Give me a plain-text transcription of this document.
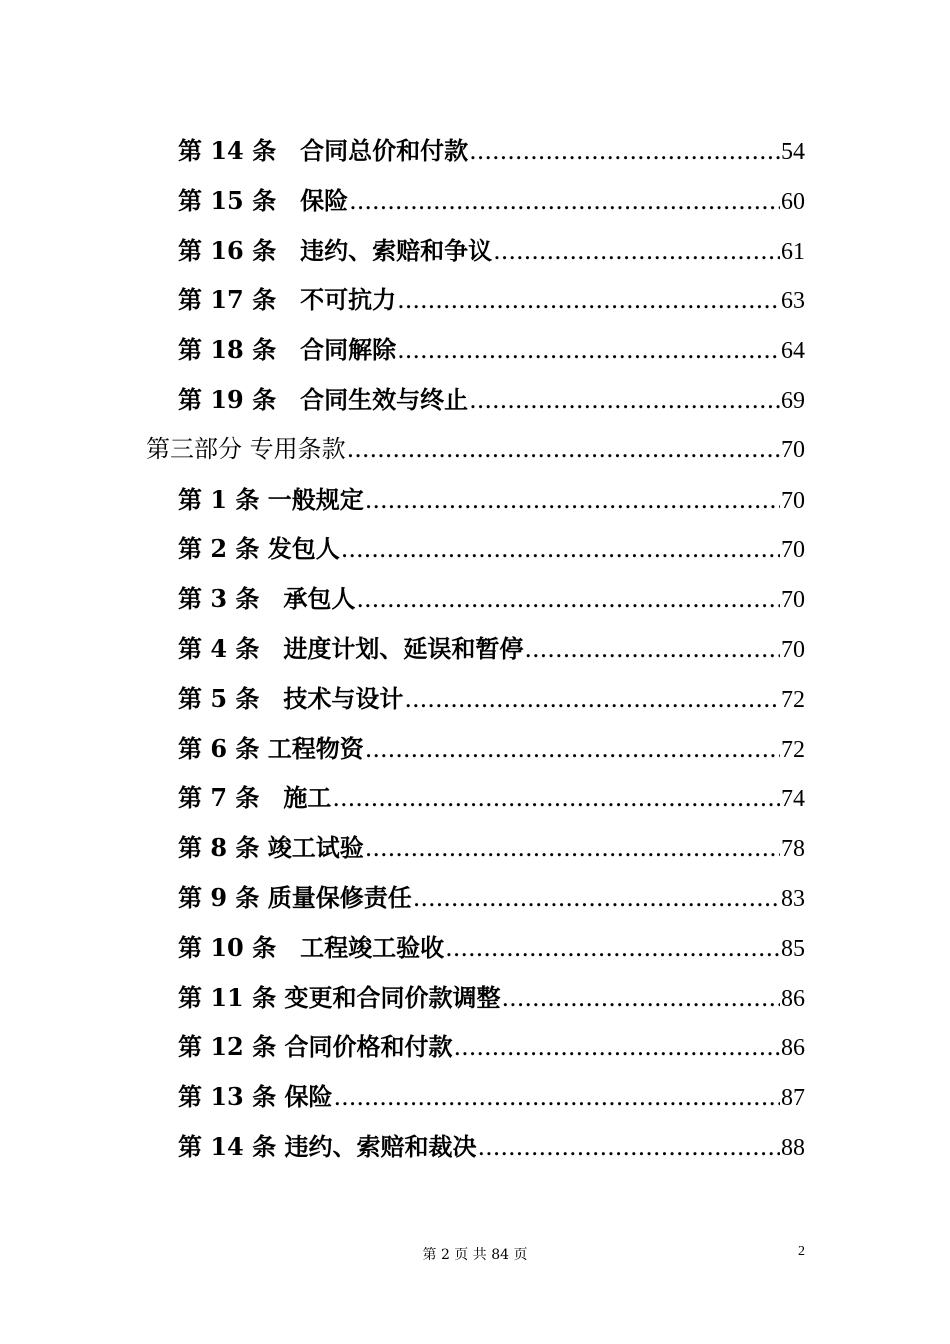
第 14 条　合同总价和付款 .....	54
第 15 条　保险 .....	60
第 16 条　违约、索赔和争议 .....	61
第 17 条　不可抗力 .....	63
第 18 条　合同解除 .....	64
第 19 条　合同生效与终止 .....	69
第三部分 专用条款 .....	70
第 1 条 一般规定 .....	70
第 2 条 发包人 .....	70
第 3 条　承包人 .....	70
第 4 条　进度计划、延误和暂停 .....	70
第 5 条　技术与设计 .....	72
第 6 条 工程物资 .....	72
第 7 条　施工 .....	74
第 8 条 竣工试验 .....	78
第 9 条 质量保修责任 .....	83
第 10 条　工程竣工验收 .....	85
第 11 条 变更和合同价款调整 .....	86
第 12 条 合同价格和付款 .....	86
第 13 条 保险 .....	87
第 14 条 违约、索赔和裁决 .....	88
第 2 页 共 84 页	2
